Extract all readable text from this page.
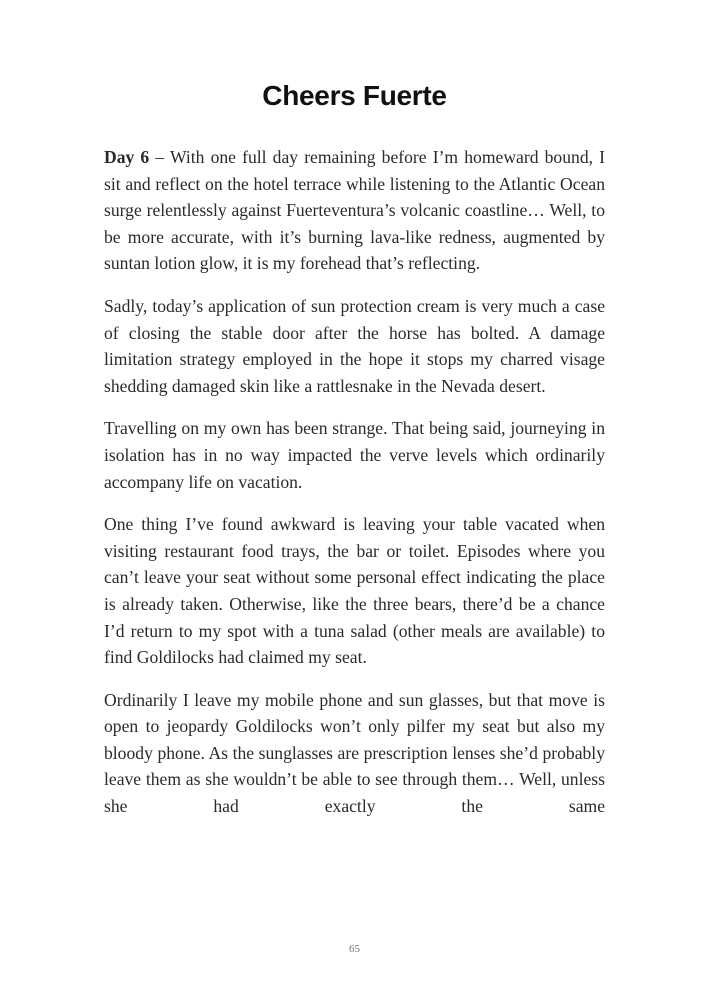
Cheers Fuerte

Day 6 – With one full day remaining before I’m homeward bound, I sit and reflect on the hotel terrace while listening to the Atlantic Ocean surge relentlessly against Fuerteventura’s volcanic coastline… Well, to be more accurate, with it’s burning lava-like redness, augmented by suntan lotion glow, it is my forehead that’s reflecting.

Sadly, today’s application of sun protection cream is very much a case of closing the stable door after the horse has bolted. A damage limitation strategy employed in the hope it stops my charred visage shedding damaged skin like a rattlesnake in the Nevada desert.

Travelling on my own has been strange. That being said, journeying in isolation has in no way impacted the verve levels which ordinarily accompany life on vacation.

One thing I’ve found awkward is leaving your table vacated when visiting restaurant food trays, the bar or toilet. Episodes where you can’t leave your seat without some personal effect indicating the place is already taken. Otherwise, like the three bears, there’d be a chance I’d return to my spot with a tuna salad (other meals are available) to find Goldilocks had claimed my seat.

Ordinarily I leave my mobile phone and sun glasses, but that move is open to jeopardy Goldilocks won’t only pilfer my seat but also my bloody phone. As the sunglasses are prescription lenses she’d probably leave them as she wouldn’t be able to see through them… Well, unless she had exactly the same

65
